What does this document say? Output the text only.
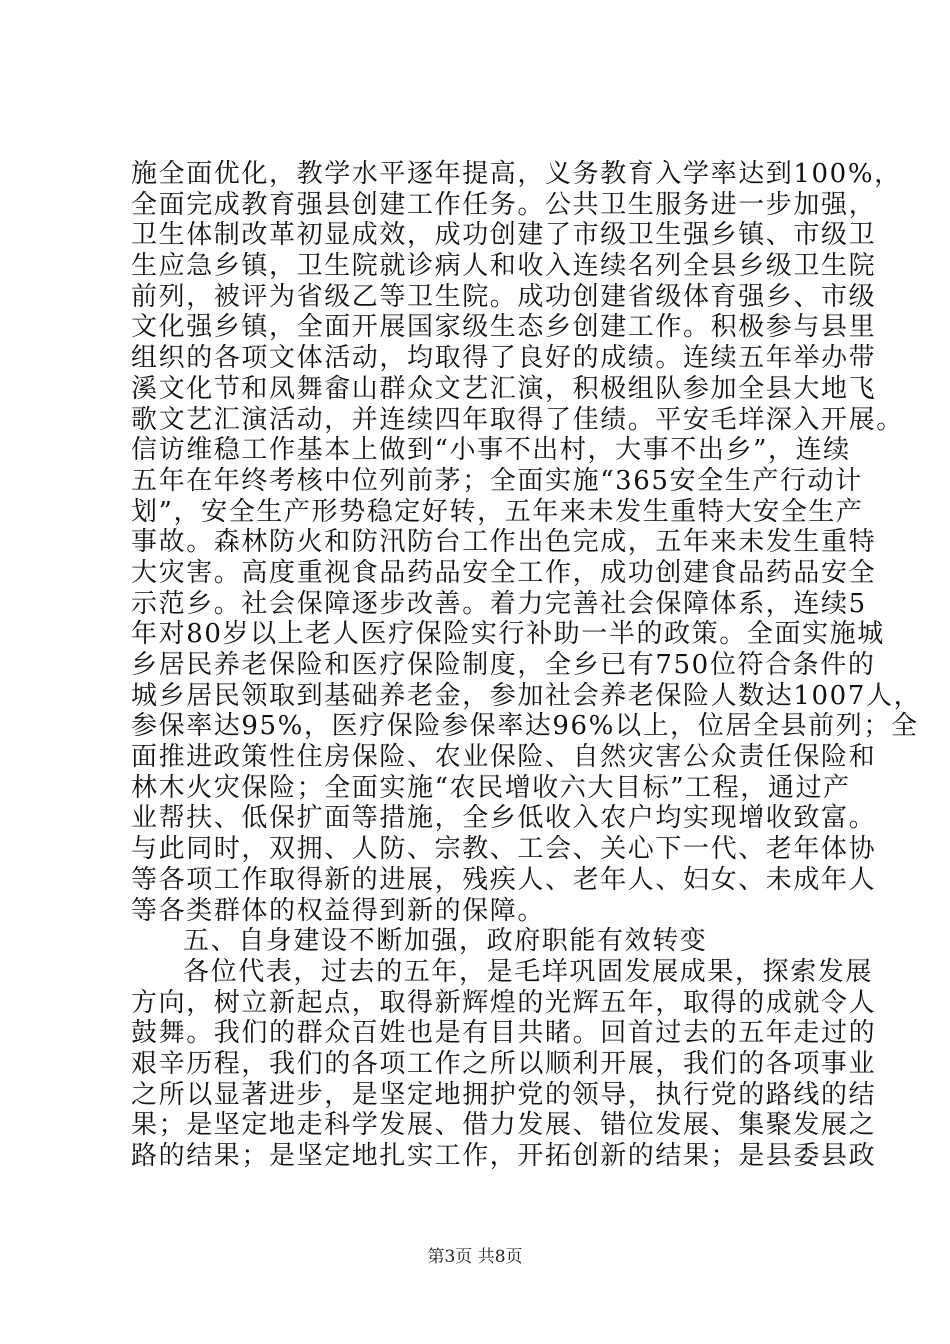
施全面优化，教学水平逐年提高，义务教育入学率达到100%，
全面完成教育强县创建工作任务。公共卫生服务进一步加强，
卫生体制改革初显成效，成功创建了市级卫生强乡镇、市级卫
生应急乡镇，卫生院就诊病人和收入连续名列全县乡级卫生院
前列，被评为省级乙等卫生院。成功创建省级体育强乡、市级
文化强乡镇，全面开展国家级生态乡创建工作。积极参与县里
组织的各项文体活动，均取得了良好的成绩。连续五年举办带
溪文化节和凤舞畲山群众文艺汇演，积极组队参加全县大地飞
歌文艺汇演活动，并连续四年取得了佳绩。平安毛垟深入开展。
信访维稳工作基本上做到“小事不出村，大事不出乡”，连续
五年在年终考核中位列前茅；全面实施“365安全生产行动计
划”，安全生产形势稳定好转，五年来未发生重特大安全生产
事故。森林防火和防汛防台工作出色完成，五年来未发生重特
大灾害。高度重视食品药品安全工作，成功创建食品药品安全
示范乡。社会保障逐步改善。着力完善社会保障体系，连续5
年对80岁以上老人医疗保险实行补助一半的政策。全面实施城
乡居民养老保险和医疗保险制度，全乡已有750位符合条件的
城乡居民领取到基础养老金，参加社会养老保险人数达1007人，
参保率达95%，医疗保险参保率达96%以上，位居全县前列；全
面推进政策性住房保险、农业保险、自然灾害公众责任保险和
林木火灾保险；全面实施“农民增收六大目标”工程，通过产
业帮扶、低保扩面等措施，全乡低收入农户均实现增收致富。
与此同时，双拥、人防、宗教、工会、关心下一代、老年体协
等各项工作取得新的进展，残疾人、老年人、妇女、未成年人
等各类群体的权益得到新的保障。
五、自身建设不断加强，政府职能有效转变
各位代表，过去的五年，是毛垟巩固发展成果，探索发展
方向，树立新起点，取得新辉煌的光辉五年，取得的成就令人
鼓舞。我们的群众百姓也是有目共睹。回首过去的五年走过的
艰辛历程，我们的各项工作之所以顺利开展，我们的各项事业
之所以显著进步，是坚定地拥护党的领导，执行党的路线的结
果；是坚定地走科学发展、借力发展、错位发展、集聚发展之
路的结果；是坚定地扎实工作，开拓创新的结果；是县委县政
第3页 共8页
